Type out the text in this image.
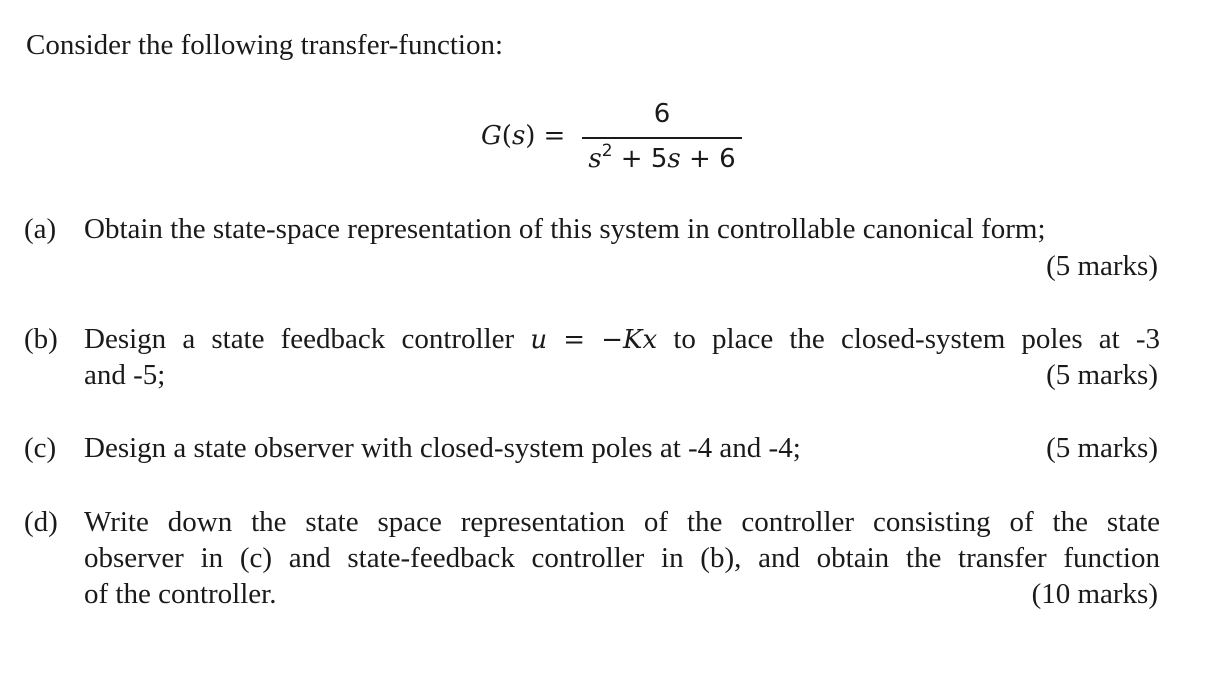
Consider the following transfer-function:
G(s) =
6
$s^2 + 5s + 6$
(a) Obtain the state-space representation of this system in controllable canonical form;
(5 marks)
(b) Design a state feedback controller u = −Kx to place the closed-system poles at -3
and -5;	(5 marks)
(c) Design a state observer with closed-system poles at -4 and -4;	(5 marks)
(d) Write down the state space representation of the controller consisting of the state
observer in (c) and state-feedback controller in (b), and obtain the transfer function
of the controller.	(10 marks)
